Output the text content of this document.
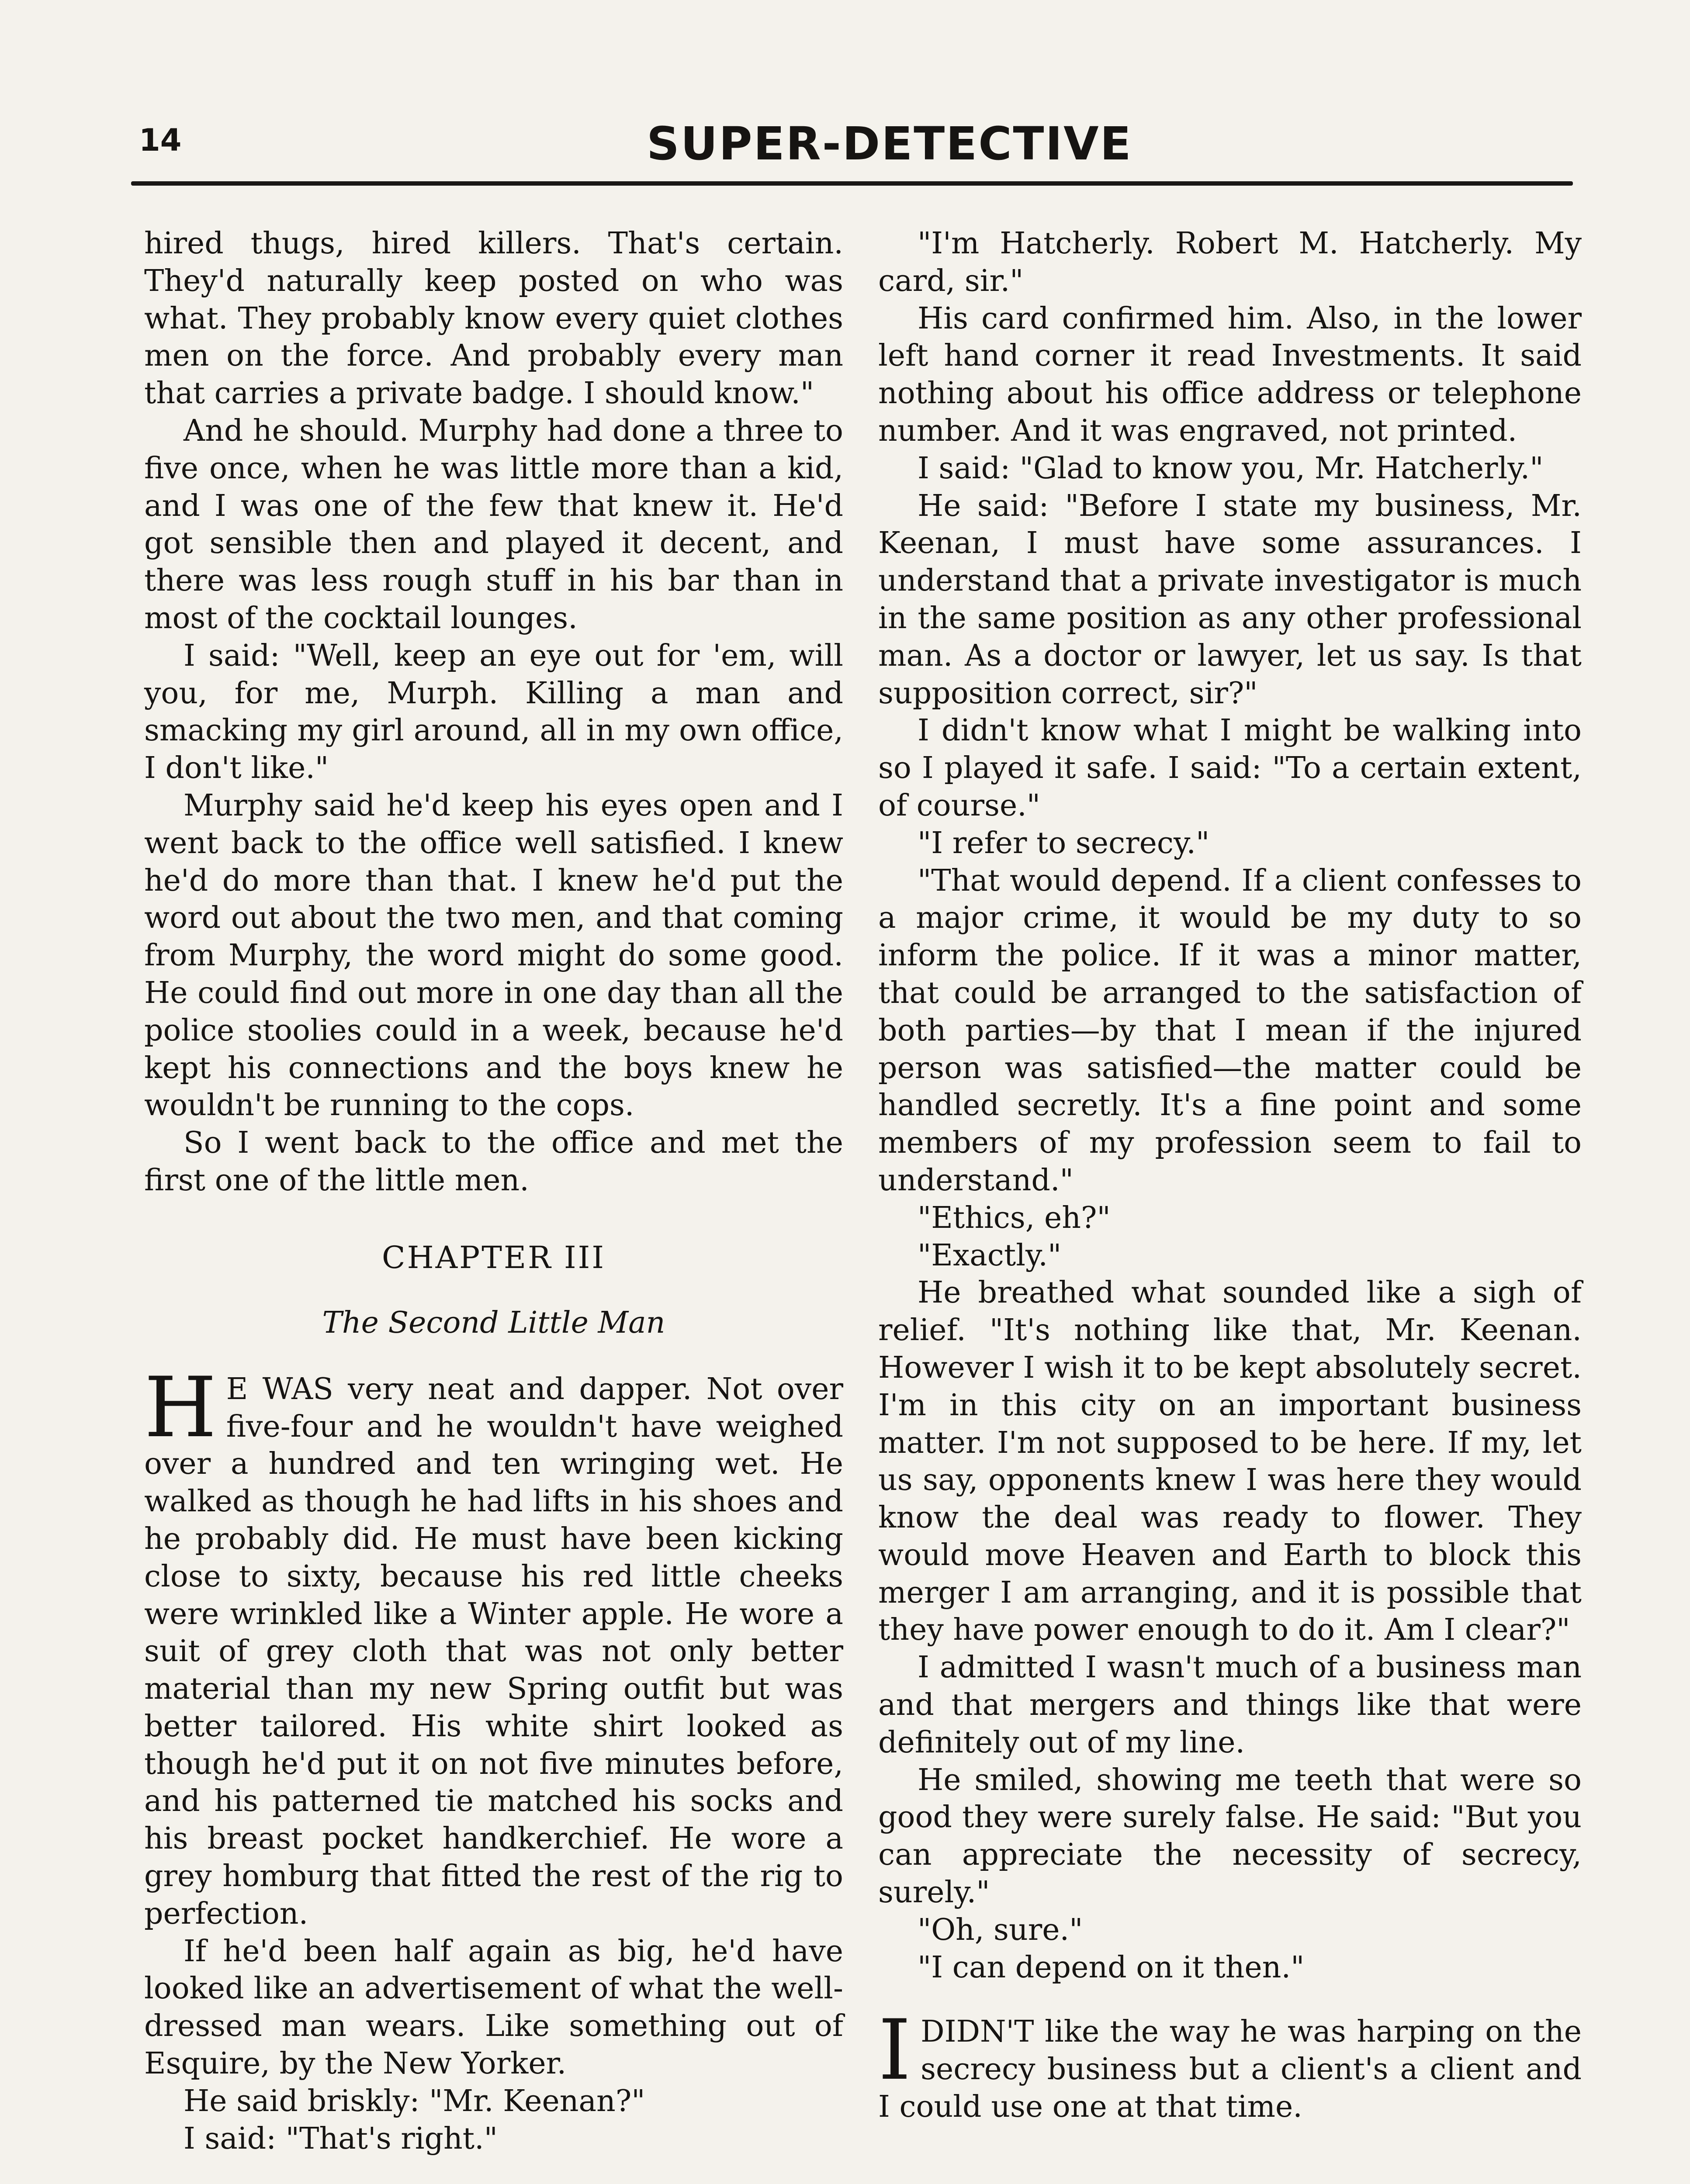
14	SUPER-DETECTIVE

hired thugs, hired killers. That's certain. They'd naturally keep posted on who was what. They probably know every quiet clothes men on the force. And probably every man that carries a private badge. I should know."

And he should. Murphy had done a three to five once, when he was little more than a kid, and I was one of the few that knew it. He'd got sensible then and played it decent, and there was less rough stuff in his bar than in most of the cocktail lounges.

I said: "Well, keep an eye out for 'em, will you, for me, Murph. Killing a man and smacking my girl around, all in my own office, I don't like."

Murphy said he'd keep his eyes open and I went back to the office well satisfied. I knew he'd do more than that. I knew he'd put the word out about the two men, and that coming from Murphy, the word might do some good. He could find out more in one day than all the police stoolies could in a week, because he'd kept his connections and the boys knew he wouldn't be running to the cops.

So I went back to the office and met the first one of the little men.

CHAPTER III
The Second Little Man

H E WAS very neat and dapper. Not over five-four and he wouldn't have weighed over a hundred and ten wringing wet. He walked as though he had lifts in his shoes and he probably did. He must have been kicking close to sixty, because his red little cheeks were wrinkled like a Winter apple. He wore a suit of grey cloth that was not only better material than my new Spring outfit but was better tailored. His white shirt looked as though he'd put it on not five minutes before, and his patterned tie matched his socks and his breast pocket handkerchief. He wore a grey homburg that fitted the rest of the rig to perfection.

If he'd been half again as big, he'd have looked like an advertisement of what the well-dressed man wears. Like something out of Esquire, by the New Yorker.

He said briskly: "Mr. Keenan?"

I said: "That's right."

"I'm Hatcherly. Robert M. Hatcherly. My card, sir."

His card confirmed him. Also, in the lower left hand corner it read Investments. It said nothing about his office address or telephone number. And it was engraved, not printed.

I said: "Glad to know you, Mr. Hatcherly."

He said: "Before I state my business, Mr. Keenan, I must have some assurances. I understand that a private investigator is much in the same position as any other professional man. As a doctor or lawyer, let us say. Is that supposition correct, sir?"

I didn't know what I might be walking into so I played it safe. I said: "To a certain extent, of course."

"I refer to secrecy."

"That would depend. If a client confesses to a major crime, it would be my duty to so inform the police. If it was a minor matter, that could be arranged to the satisfaction of both parties—by that I mean if the injured person was satisfied—the matter could be handled secretly. It's a fine point and some members of my profession seem to fail to understand."

"Ethics, eh?"

"Exactly."

He breathed what sounded like a sigh of relief. "It's nothing like that, Mr. Keenan. However I wish it to be kept absolutely secret. I'm in this city on an important business matter. I'm not supposed to be here. If my, let us say, opponents knew I was here they would know the deal was ready to flower. They would move Heaven and Earth to block this merger I am arranging, and it is possible that they have power enough to do it. Am I clear?"

I admitted I wasn't much of a business man and that mergers and things like that were definitely out of my line.

He smiled, showing me teeth that were so good they were surely false. He said: "But you can appreciate the necessity of secrecy, surely."

"Oh, sure."

"I can depend on it then."

IDIDN'T like the way he was harping on the secrecy business but a client's a client and I could use one at that time.
